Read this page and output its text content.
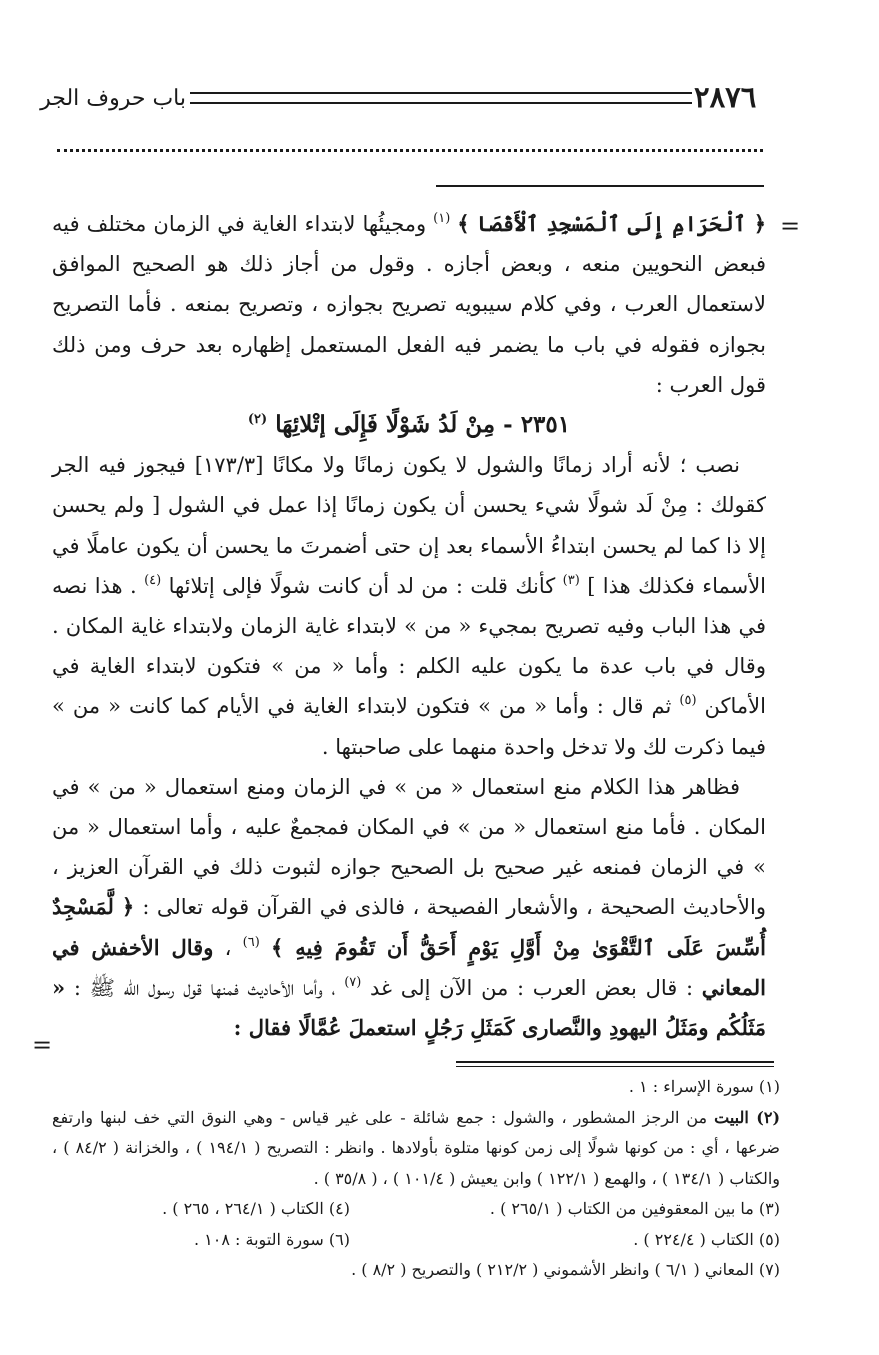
٢٨٧٦
باب حروف الجر
=

﴿ ٱلْحَرَامِ إِلَى ٱلْمَسْجِدِ ٱلْأَقْصَا ﴾ $^{(١)}$ ومجيئُها لابتداء الغاية في الزمان مختلف فيه فبعض النحويين منعه ، وبعض أجازه . وقول من أجاز ذلك هو الصحيح الموافق لاستعمال العرب ، وفي كلام سيبويه تصريح بجوازه ، وتصريح بمنعه . فأما التصريح بجوازه فقوله في باب ما يضمر فيه الفعل المستعمل إظهاره بعد حرف ومن ذلك قول العرب :

٢٣٥١ - مِنْ لَدُ شَوْلًا فَإِلَى إتْلائِهَا $^{(٢)}$

نصب ؛ لأنه أراد زمانًا والشول لا يكون زمانًا ولا مكانًا [١٧٣/٣] فيجوز فيه الجر كقولك : مِنْ لَد شولًا شيء يحسن أن يكون زمانًا إذا عمل في الشول [ ولم يحسن إلا ذا كما لم يحسن ابتداءُ الأسماء بعد إن حتى أضمرتَ ما يحسن أن يكون عاملًا في الأسماء فكذلك هذا ] $^{(٣)}$ كأنك قلت : من لد أن كانت شولًا فإلى إتلائها $^{(٤)}$ . هذا نصه في هذا الباب وفيه تصريح بمجيء « من » لابتداء غاية الزمان ولابتداء غاية المكان . وقال في باب عدة ما يكون عليه الكلم : وأما « من » فتكون لابتداء الغاية في الأماكن $^{(٥)}$ ثم قال : وأما « من » فتكون لابتداء الغاية في الأيام كما كانت « من » فيما ذكرت لك ولا تدخل واحدة منهما على صاحبتها .

فظاهر هذا الكلام منع استعمال « من » في الزمان ومنع استعمال « من » في المكان . فأما منع استعمال « من » في المكان فمجمعٌ عليه ، وأما استعمال « من » في الزمان فمنعه غير صحيح بل الصحيح جوازه لثبوت ذلك في القرآن العزيز ، والأحاديث الصحيحة ، والأشعار الفصيحة ، فالذى في القرآن قوله تعالى : ﴿ لَّمَسْجِدٌ أُسِّسَ عَلَى ٱلتَّقْوَىٰ مِنْ أَوَّلِ يَوْمٍ أَحَقُّ أَن تَقُومَ فِيهِ ﴾ $^{(٦)}$ ، وقال الأخفش في المعاني : قال بعض العرب : من الآن إلى غد $^{(٧)}$ ، وأما الأحاديث فمنها قول رسول الله ﷺ : « مَثَلُكُم ومَثَلُ اليهودِ والنَّصارى كَمَثَلِ رَجُلٍ استعملَ عُمَّالًا فقال :

=

(١) سورة الإسراء : ١ .

(٢) البيت من الرجز المشطور ، والشول : جمع شائلة - على غير قياس - وهي النوق التي خف لبنها وارتفع ضرعها ، أي : من كونها شولًا إلى زمن كونها متلوة بأولادها . وانظر : التصريح ( ١٩٤/١ ) ، والخزانة ( ٨٤/٢ ) ، والكتاب ( ١٣٤/١ ) ، والهمع ( ١٢٢/١ ) وابن يعيش ( ١٠١/٤ ) ، ( ٣٥/٨ ) .

(٣) ما بين المعقوفين من الكتاب ( ٢٦٥/١ ) .
(٤) الكتاب ( ٢٦٤/١ ، ٢٦٥ ) .

(٥) الكتاب ( ٢٢٤/٤ ) .
(٦) سورة التوبة : ١٠٨ .

(٧) المعاني ( ٦/١ ) وانظر الأشموني ( ٢١٢/٢ ) والتصريح ( ٨/٢ ) .
